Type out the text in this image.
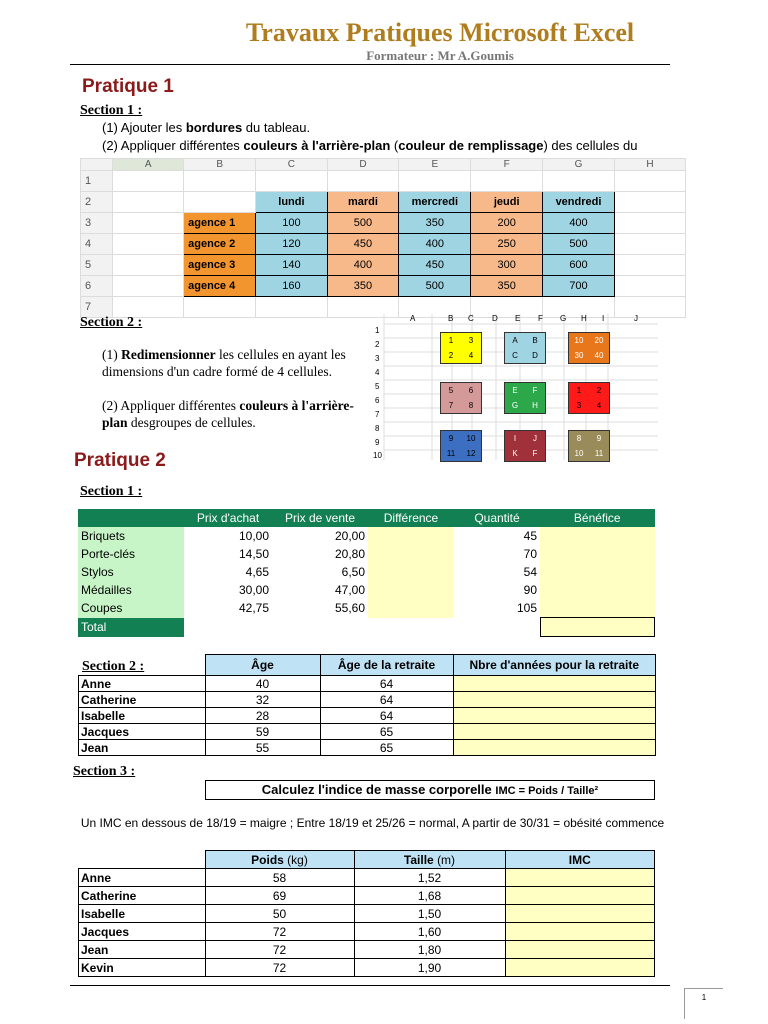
Travaux Pratiques Microsoft Excel
Formateur : Mr A.Goumis
Pratique 1
Section 1 :
(1) Ajouter les bordures du tableau.
(2) Appliquer différentes couleurs à l'arrière-plan (couleur de remplissage) des cellules du
	A	B	C	D	E	F	G	H
1								
2			lundi	mardi	mercredi	jeudi	vendredi	
3		agence 1	100	500	350	200	400	
4		agence 2	120	450	400	250	500	
5		agence 3	140	400	450	300	600	
6		agence 4	160	350	500	350	700	
7								
Section 2 :
(1) Redimensionner les cellules en ayant les dimensions d'un cadre formé de 4 cellules.
(2) Appliquer différentes couleurs à l'arrière-plan desgroupes de cellules.
A	B C D E F G H I	J
1
2
3
4
5
6
7
8
9
10
1 3
2 4
A B
C D
10 20
30 40
5 6
7 8
E F
G H
1 2
3 4
9 10
11 12
I J
K F
8 9
10 11
Pratique 2
Section 1 :
	Prix d'achat	Prix de vente	Différence	Quantité	Bénéfice
Briquets	10,00	20,00		45	
Porte-clés	14,50	20,80		70	
Stylos	4,65	6,50		54	
Médailles	30,00	47,00		90	
Coupes	42,75	55,60		105	
Total					
Section 2 :
		Âge	Âge de la retraite	Nbre d'années pour la retraite
Anne	40	64	
Catherine	32	64	
Isabelle	28	64	
Jacques	59	65	
Jean	55	65	
Section 3 :
Calculez l'indice de masse corporelle IMC = Poids / Taille²
Un IMC en dessous de 18/19 = maigre ; Entre 18/19 et 25/26 = normal, A partir de 30/31 = obésité commence
	Poids (kg)	Taille (m)	IMC
Anne	58	1,52	
Catherine	69	1,68	
Isabelle	50	1,50	
Jacques	72	1,60	
Jean	72	1,80	
Kevin	72	1,90	
1
